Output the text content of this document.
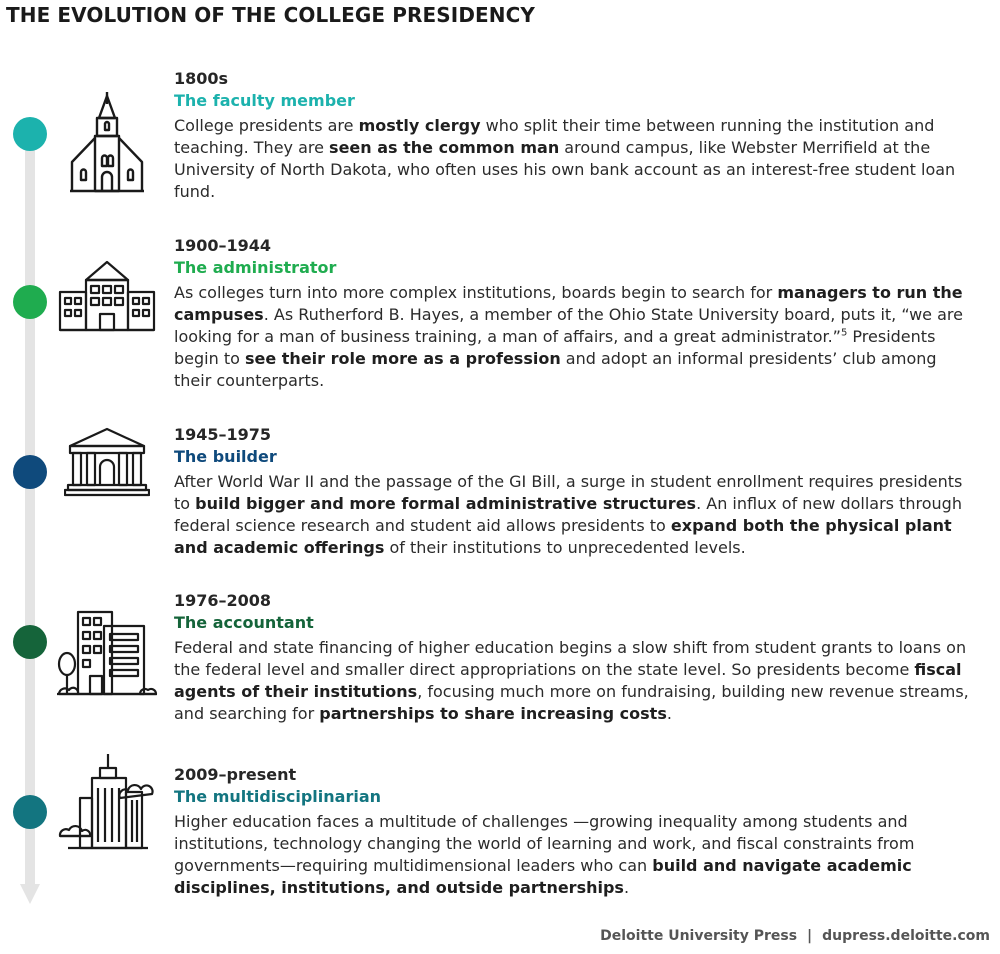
THE EVOLUTION OF THE COLLEGE PRESIDENCY
1800s
The faculty member
College presidents are mostly clergy who split their time between running the institution and teaching. They are seen as the common man around campus, like Webster Merrifield at the University of North Dakota, who often uses his own bank account as an interest-free student loan fund.
1900–1944
The administrator
As colleges turn into more complex institutions, boards begin to search for managers to run the campuses. As Rutherford B. Hayes, a member of the Ohio State University board, puts it, “we are looking for a man of business training, a man of affairs, and a great administrator.”$^5$ Presidents begin to see their role more as a profession and adopt an informal presidents’ club among their counterparts.
1945–1975
The builder
After World War II and the passage of the GI Bill, a surge in student enrollment requires presidents to build bigger and more formal administrative structures. An influx of new dollars through federal science research and student aid allows presidents to expand both the physical plant and academic offerings of their institutions to unprecedented levels.
1976–2008
The accountant
Federal and state financing of higher education begins a slow shift from student grants to loans on the federal level and smaller direct appropriations on the state level. So presidents become fiscal agents of their institutions, focusing much more on fundraising, building new revenue streams, and searching for partnerships to share increasing costs.
2009–present
The multidisciplinarian
Higher education faces a multitude of challenges —growing inequality among students and institutions, technology changing the world of learning and work, and fiscal constraints from governments—requiring multidimensional leaders who can build and navigate academic disciplines, institutions, and outside partnerships.
Deloitte University Press | dupress.deloitte.com
